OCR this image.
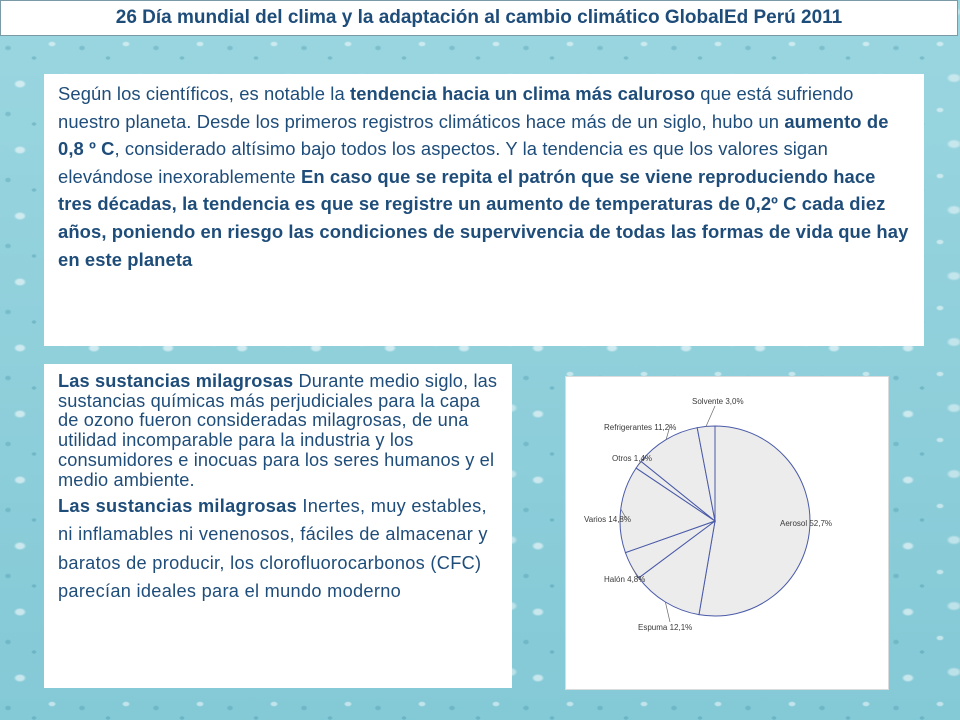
26 Día mundial del clima y la adaptación al cambio climático GlobalEd Perú 2011
Según los científicos, es notable la tendencia hacia un clima más caluroso que está sufriendo nuestro planeta. Desde los primeros registros climáticos hace más de un siglo, hubo un aumento de 0,8 º C, considerado altísimo bajo todos los aspectos. Y la tendencia es que los valores sigan elevándose inexorablemente En caso que se repita el patrón que se viene reproduciendo hace tres décadas, la tendencia es que se registre un aumento de temperaturas de 0,2º C cada diez años, poniendo en riesgo las condiciones de supervivencia de todas las formas de vida que hay en este planeta

Las sustancias milagrosas Durante medio siglo, las sustancias químicas más perjudiciales para la capa de ozono fueron consideradas milagrosas, de una utilidad incomparable para la industria y los consumidores e inocuas para los seres humanos y el medio ambiente.

Las sustancias milagrosas Inertes, muy estables, ni inflamables ni venenosos, fáciles de almacenar y baratos de producir, los clorofluorocarbonos (CFC) parecían ideales para el mundo moderno

Aerosol 52,7%
Espuma 12,1%
Halón 4,8%
Varios 14,8%
Otros 1,4%
Refrigerantes 11,2%
Solvente 3,0%
